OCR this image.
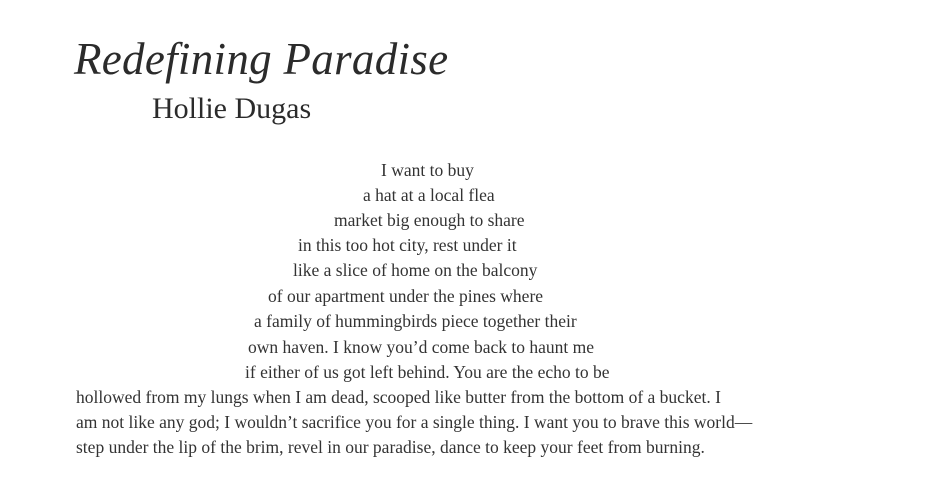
Redefining Paradise
Hollie Dugas

I want to buy

a hat at a local flea

market big enough to share

in this too hot city, rest under it

like a slice of home on the balcony

of our apartment under the pines where

a family of hummingbirds piece together their

own haven. I know you’d come back to haunt me

if either of us got left behind. You are the echo to be

hollowed from my lungs when I am dead, scooped like butter from the bottom of a bucket. I

am not like any god; I wouldn’t sacrifice you for a single thing. I want you to brave this world—

step under the lip of the brim, revel in our paradise, dance to keep your feet from burning.
